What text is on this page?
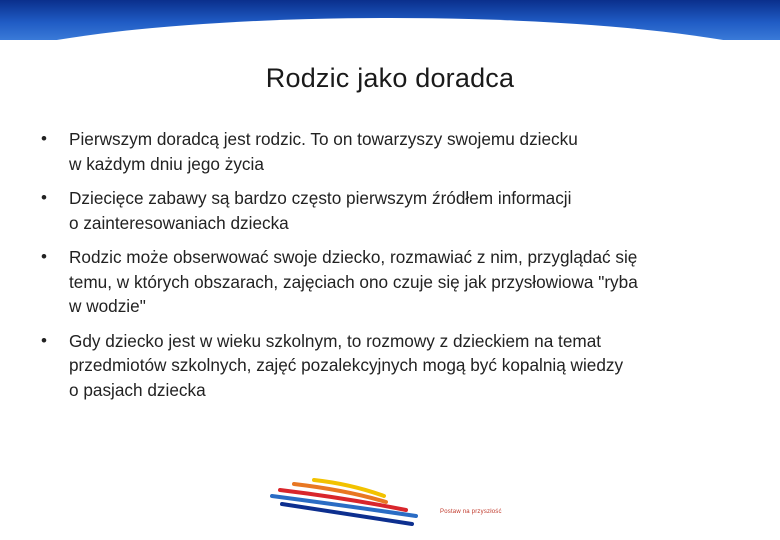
Rodzic jako doradca
• Pierwszym doradcą jest rodzic. To on towarzyszy swojemu dziecku
w każdym dniu jego życia
• Dziecięce zabawy są bardzo często pierwszym źródłem informacji
o zainteresowaniach dziecka
• Rodzic może obserwować swoje dziecko, rozmawiać z nim, przyglądać się
temu, w których obszarach, zajęciach ono czuje się jak przysłowiowa "ryba
w wodzie"
• Gdy dziecko jest w wieku szkolnym, to rozmowy z dzieckiem na temat
przedmiotów szkolnych, zajęć pozalekcyjnych mogą być kopalnią wiedzy
o pasjach dziecka
Postaw na przyszłość
